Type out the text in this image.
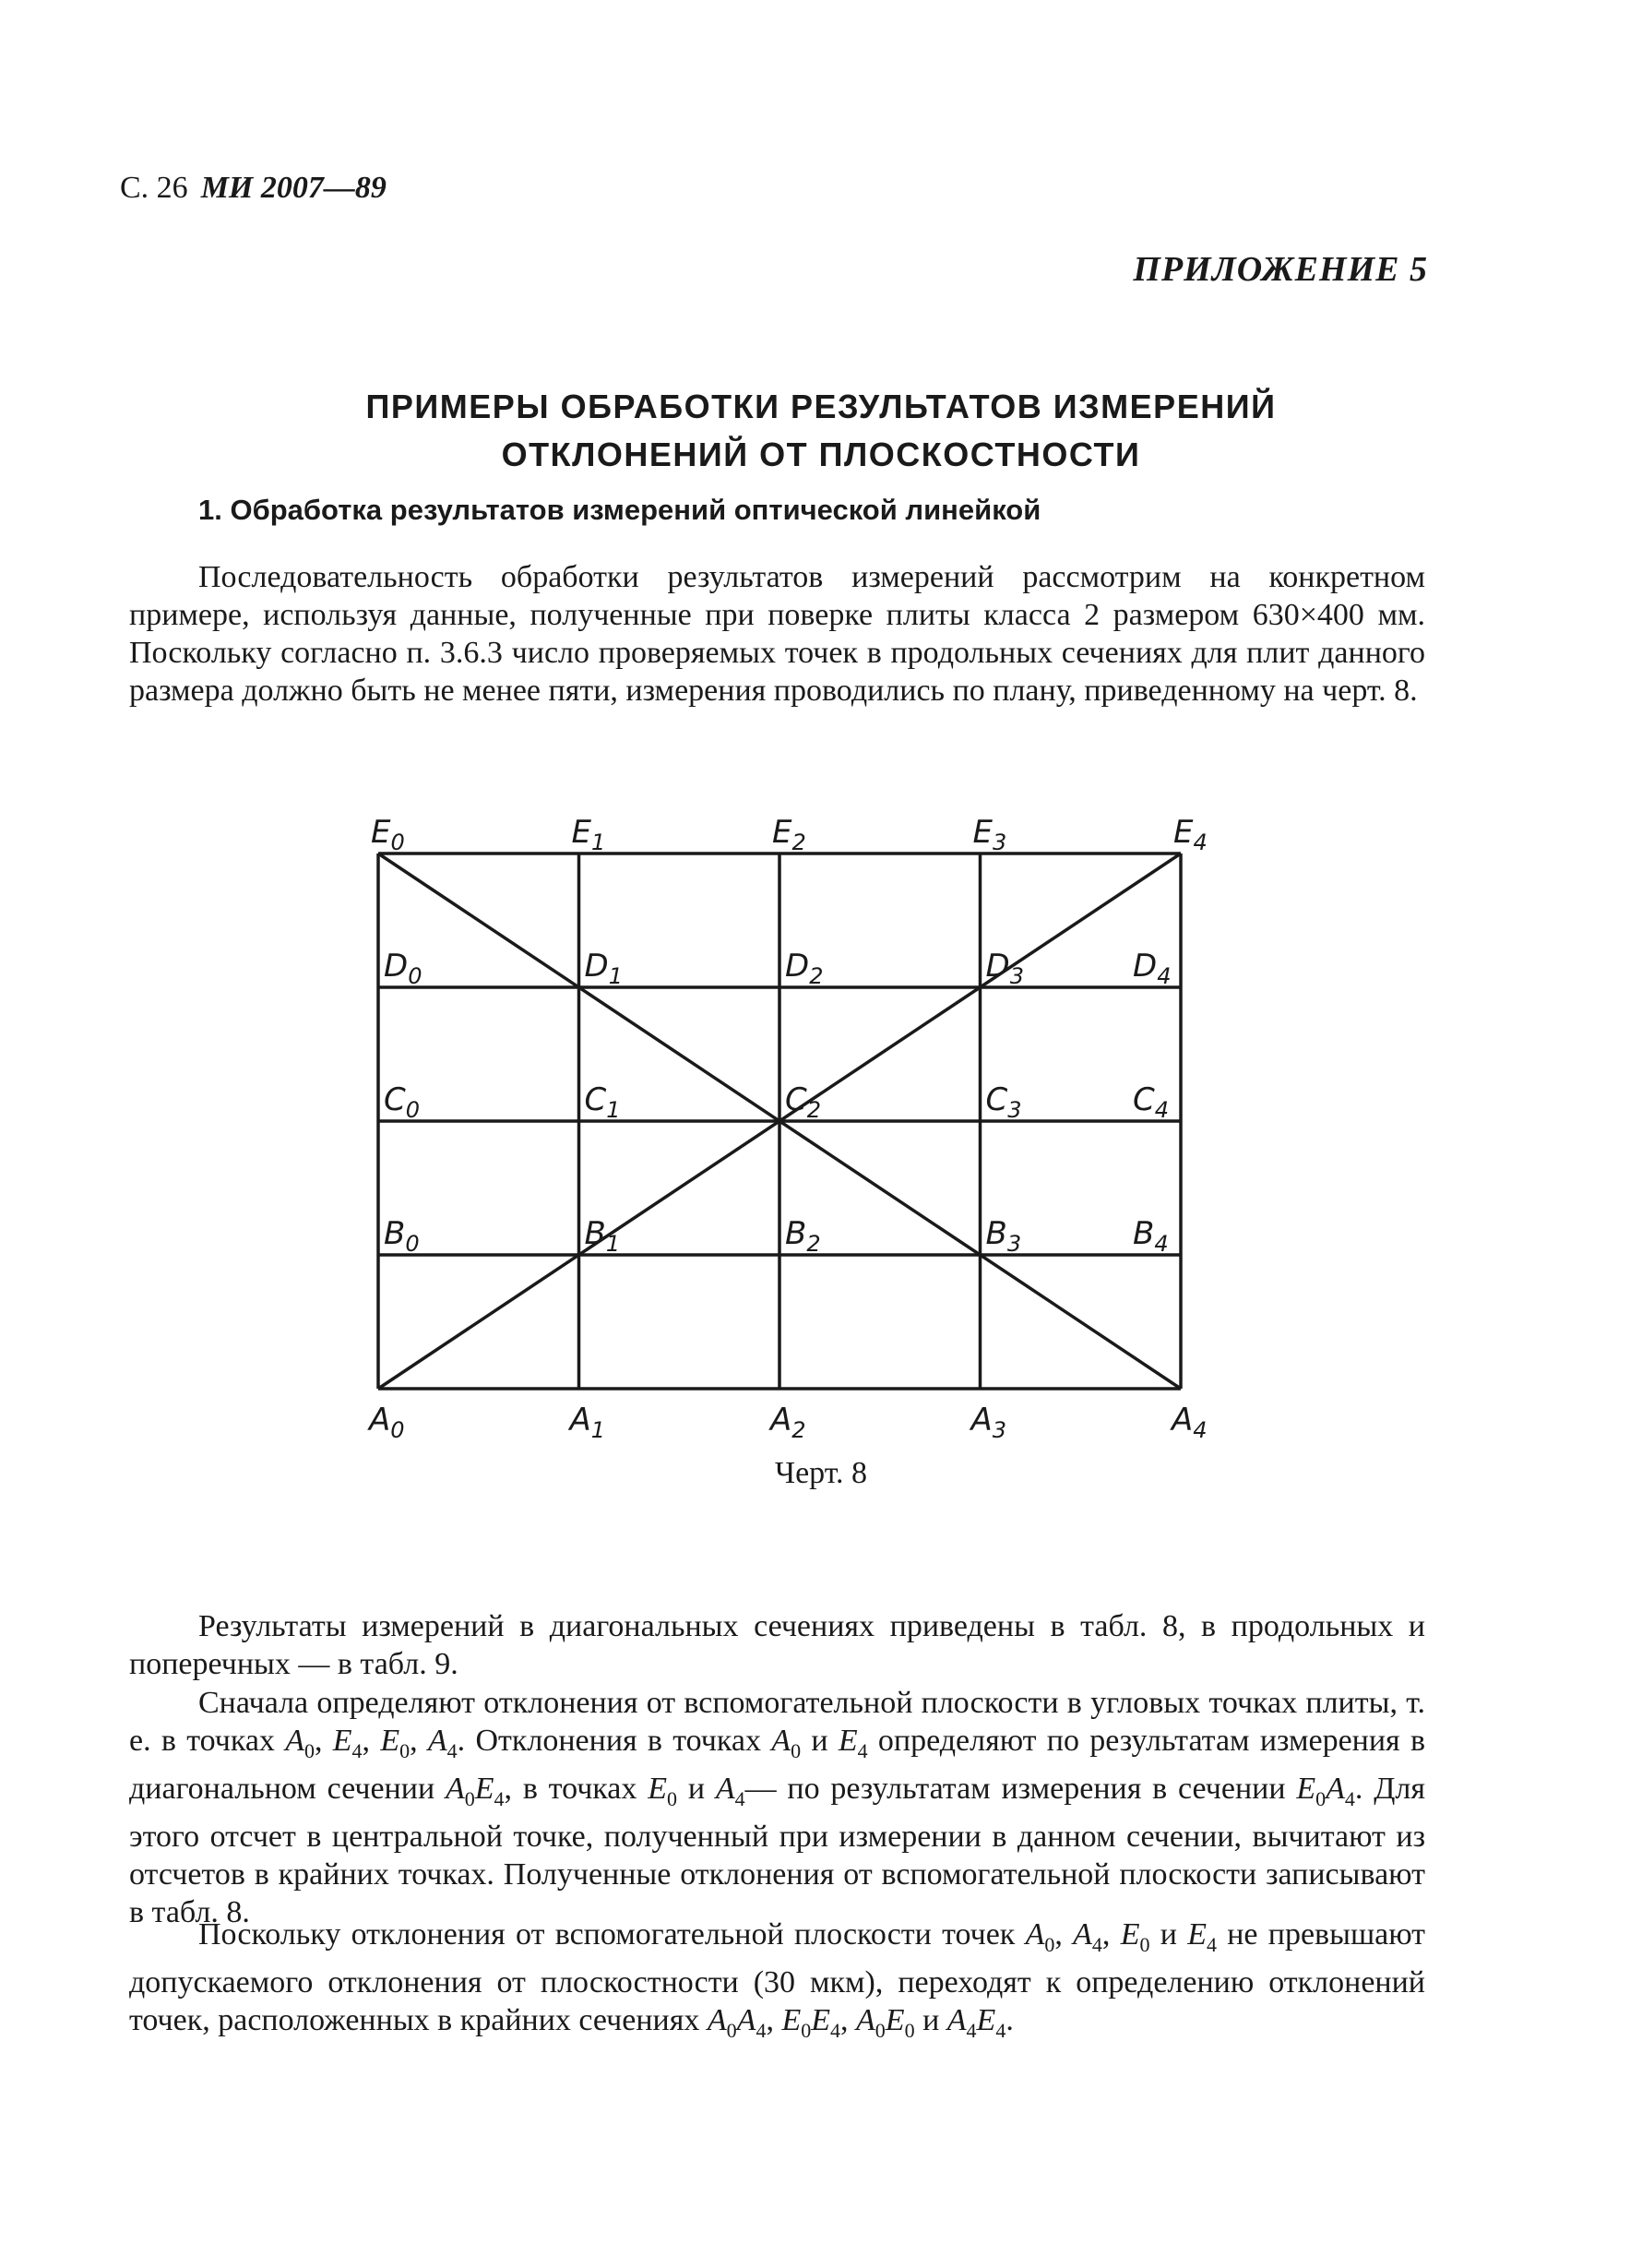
С. 26 МИ 2007—89
ПРИЛОЖЕНИЕ 5
ПРИМЕРЫ ОБРАБОТКИ РЕЗУЛЬТАТОВ ИЗМЕРЕНИЙ
ОТКЛОНЕНИЙ ОТ ПЛОСКОСТНОСТИ
1. Обработка результатов измерений оптической линейкой

Последовательность обработки результатов измерений рассмотрим на конкретном примере, используя данные, полученные при поверке плиты класса 2 размером 630×400 мм. Поскольку согласно п. 3.6.3 число проверяемых точек в продольных сечениях для плит данного размера должно быть не менее пяти, измерения проводились по плану, приведенному на черт. 8.

$E_0$	$E_1$	$E_2$	$E_3$	$E_4$
$D_0$	$D_1$	$D_2$	$D_3$	$D_4$
$C_0$	$C_1$	$C_2$	$C_3$	$C_4$
$B_0$	$B_1$	$B_2$	$B_3$	$B_4$
$A_0$	$A_1$	$A_2$	$A_3$	$A_4$
Черт. 8

Результаты измерений в диагональных сечениях приведены в табл. 8, в продольных и поперечных — в табл. 9.

Сначала определяют отклонения от вспомогательной плоскости в угловых точках плиты, т. е. в точках $A_0$, $E_4$, $E_0$, $A_4$. Отклонения в точках $A_0$ и $E_4$ определяют по результатам измерения в диагональном сечении $A_0E_4$, в точках $E_0$ и $A_4—$ по результатам измерения в сечении $E_0A_4$. Для этого отсчет в центральной точке, полученный при измерении в данном сечении, вычитают из отсчетов в крайних точках. Полученные отклонения от вспомогательной плоскости записывают в табл. 8.

Поскольку отклонения от вспомогательной плоскости точек $A_0$, $A_4$, $E_0$ и $E_4$ не превышают допускаемого отклонения от плоскостности (30 мкм), переходят к определению отклонений точек, расположенных в крайних сечениях $A_0A_4$, $E_0E_4$, $A_0E_0$ и $A_4E_4$.
